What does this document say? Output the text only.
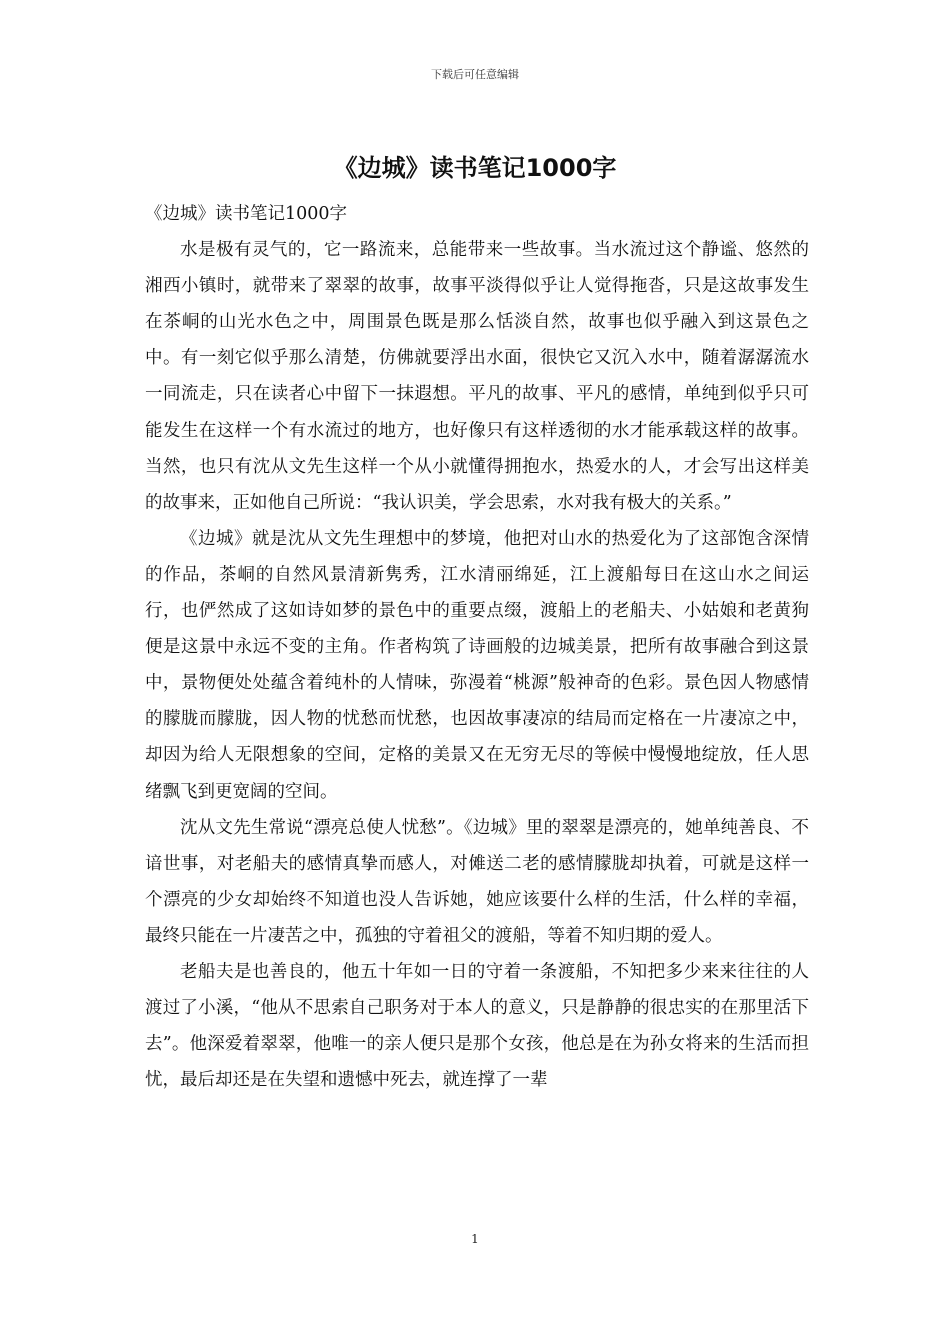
下载后可任意编辑
《边城》读书笔记1000字

《边城》读书笔记1000字

水是极有灵气的，它一路流来，总能带来一些故事。当水流过这个静谧、悠然的湘西小镇时，就带来了翠翠的故事，故事平淡得似乎让人觉得拖沓，只是这故事发生在茶峒的山光水色之中，周围景色既是那么恬淡自然，故事也似乎融入到这景色之中。有一刻它似乎那么清楚，仿佛就要浮出水面，很快它又沉入水中，随着潺潺流水一同流走，只在读者心中留下一抹遐想。平凡的故事、平凡的感情，单纯到似乎只可能发生在这样一个有水流过的地方，也好像只有这样透彻的水才能承载这样的故事。当然，也只有沈从文先生这样一个从小就懂得拥抱水，热爱水的人，才会写出这样美的故事来，正如他自己所说：“我认识美，学会思索，水对我有极大的关系。”

《边城》就是沈从文先生理想中的梦境，他把对山水的热爱化为了这部饱含深情的作品，茶峒的自然风景清新隽秀，江水清丽绵延，江上渡船每日在这山水之间运行，也俨然成了这如诗如梦的景色中的重要点缀，渡船上的老船夫、小姑娘和老黄狗便是这景中永远不变的主角。作者构筑了诗画般的边城美景，把所有故事融合到这景中，景物便处处蕴含着纯朴的人情味，弥漫着“桃源”般神奇的色彩。景色因人物感情的朦胧而朦胧，因人物的忧愁而忧愁，也因故事凄凉的结局而定格在一片凄凉之中，却因为给人无限想象的空间，定格的美景又在无穷无尽的等候中慢慢地绽放，任人思绪飘飞到更宽阔的空间。

沈从文先生常说“漂亮总使人忧愁”。《边城》里的翠翠是漂亮的，她单纯善良、不谙世事，对老船夫的感情真挚而感人，对傩送二老的感情朦胧却执着，可就是这样一个漂亮的少女却始终不知道也没人告诉她，她应该要什么样的生活，什么样的幸福，最终只能在一片凄苦之中，孤独的守着祖父的渡船，等着不知归期的爱人。

老船夫是也善良的，他五十年如一日的守着一条渡船，不知把多少来来往往的人渡过了小溪，“他从不思索自己职务对于本人的意义，只是静静的很忠实的在那里活下去”。他深爱着翠翠，他唯一的亲人便只是那个女孩，他总是在为孙女将来的生活而担忧，最后却还是在失望和遗憾中死去，就连撑了一辈

1
